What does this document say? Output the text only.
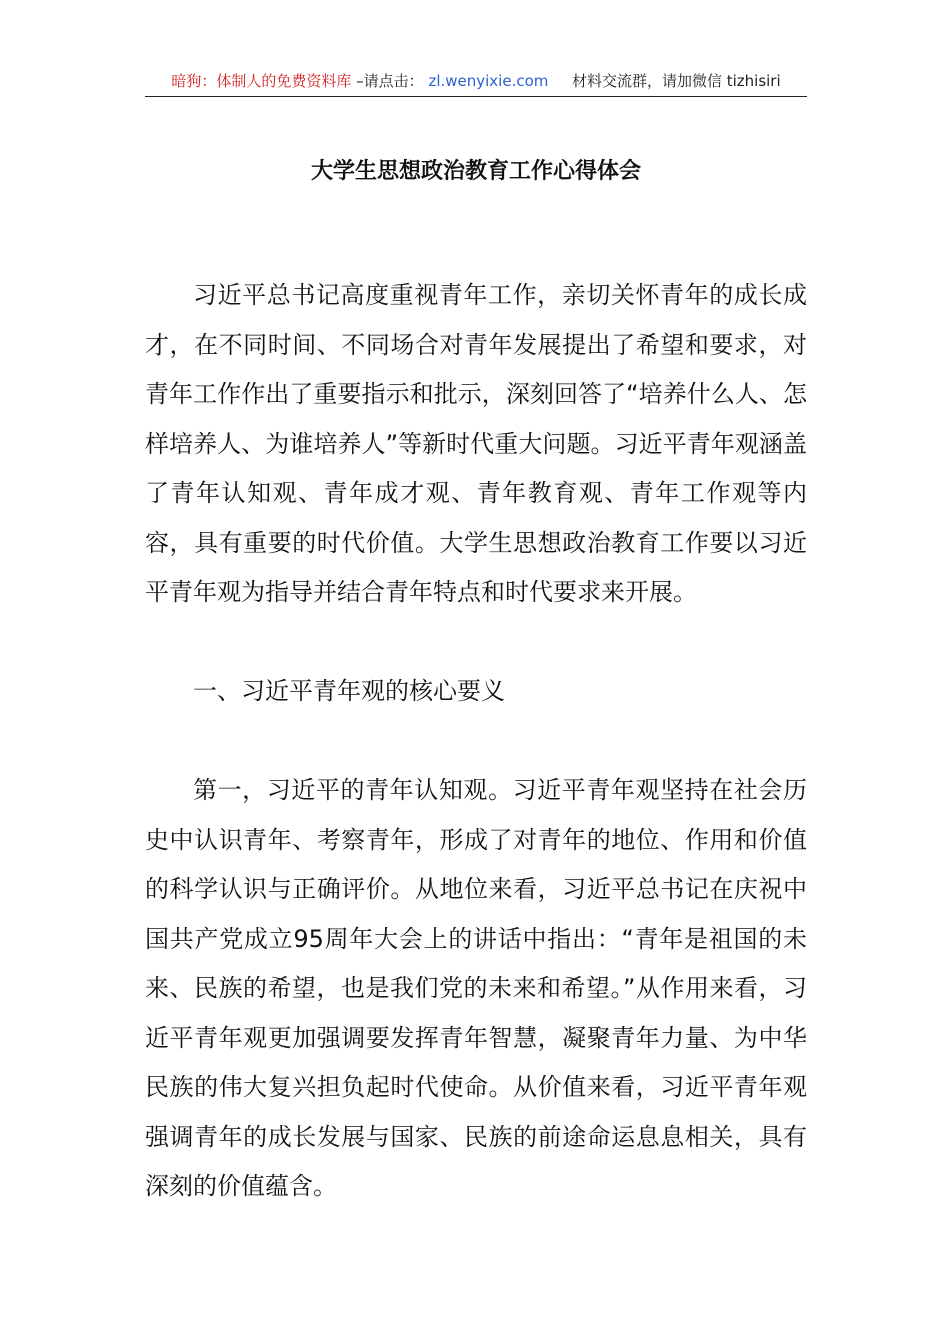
暗狗：体制人的免费资料库 –请点击： zl.wenyixie.com 材料交流群，请加微信 tizhisiri
大学生思想政治教育工作心得体会

习近平总书记高度重视青年工作，亲切关怀青年的成长成才，在不同时间、不同场合对青年发展提出了希望和要求，对青年工作作出了重要指示和批示，深刻回答了“培养什么人、怎样培养人、为谁培养人”等新时代重大问题。习近平青年观涵盖了青年认知观、青年成才观、青年教育观、青年工作观等内容，具有重要的时代价值。大学生思想政治教育工作要以习近平青年观为指导并结合青年特点和时代要求来开展。

一、习近平青年观的核心要义

第一，习近平的青年认知观。习近平青年观坚持在社会历史中认识青年、考察青年，形成了对青年的地位、作用和价值的科学认识与正确评价。从地位来看，习近平总书记在庆祝中国共产党成立95周年大会上的讲话中指出：“青年是祖国的未来、民族的希望，也是我们党的未来和希望。”从作用来看，习近平青年观更加强调要发挥青年智慧，凝聚青年力量、为中华民族的伟大复兴担负起时代使命。从价值来看，习近平青年观强调青年的成长发展与国家、民族的前途命运息息相关，具有深刻的价值蕴含。
